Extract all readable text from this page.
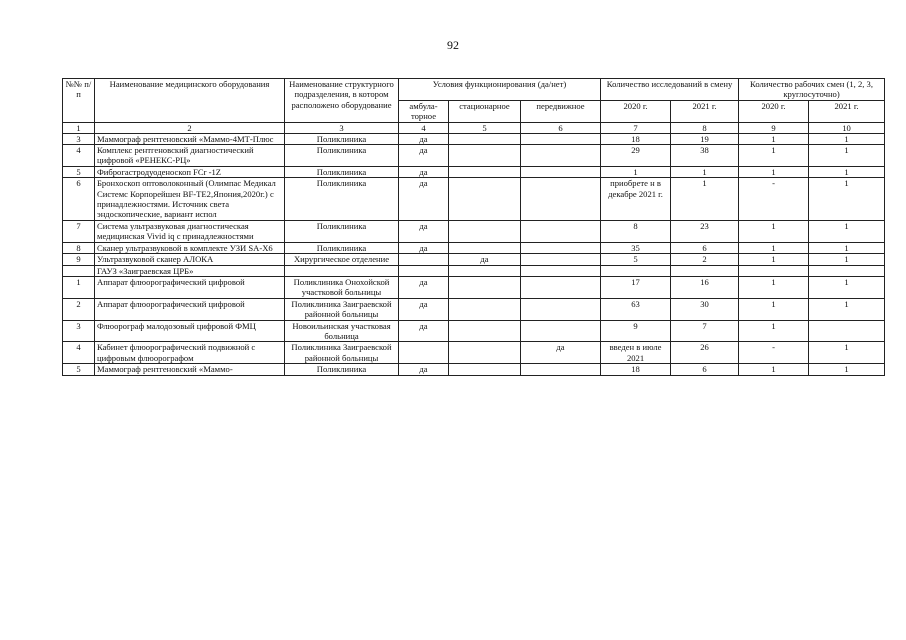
92
№№ п/п	Наименование медицинского оборудования	Наименование структурного подразделения, в котором расположено оборудование	Условия функционирования (да/нет)			Количество исследований в смену		Количество рабочих смен (1, 2, 3, круглосуточно)	
			амбула-торное	стационарное	передвижное	2020 г.	2021 г.	2020 г.	2021 г.
1	2	3	4	5	6	7	8	9	10
3	Маммограф рентгеновский «Маммо-4МТ-Плюс	Поликлиника	да			18	19	1	1
4	Комплекс рентгеновский диагностический цифровой «РЕНЕКС-РЦ»	Поликлиника	да			29	38	1	1
5	Фиброгастродуоденоскоп FCr -1Z	Поликлиника	да			1	1	1	1
6	Бронхоскоп оптоволоконный (Олимпас Медикал Системс Корпорейшен BF-TE2,Япония,2020г.) с принадлежностями. Источник света эндоскопические, вариант испол	Поликлиника	да			приобрете н в декабре 2021 г.	1	-	1
7	Система ультразвуковая диагностическая медицинская Vivid iq с принадлежностями	Поликлиника	да			8	23	1	1
8	Сканер ультразвуковой в комплекте УЗИ SA-X6	Поликлиника	да			35	6	1	1
9	Ультразвуковой сканер АЛОКА	Хирургическое отделение		да		5	2	1	1
	ГАУЗ «Заиграевская ЦРБ»								
1	Аппарат флюорографический цифровой	Поликлиника Онохойской участковой больницы	да			17	16	1	1
2	Аппарат флюорографический цифровой	Поликлиника Заиграевской районной больницы	да			63	30	1	1
3	Флюорограф малодозовый цифровой ФМЦ	Новоильинская участковая больница	да			9	7	1	
4	Кабинет флюорографический подвижной с цифровым флюорографом	Поликлиника Заиграевской районной больницы			да	введен в июле 2021	26	-	1
5	Маммограф рентгеновский «Маммо-	Поликлиника	да			18	6	1	1
